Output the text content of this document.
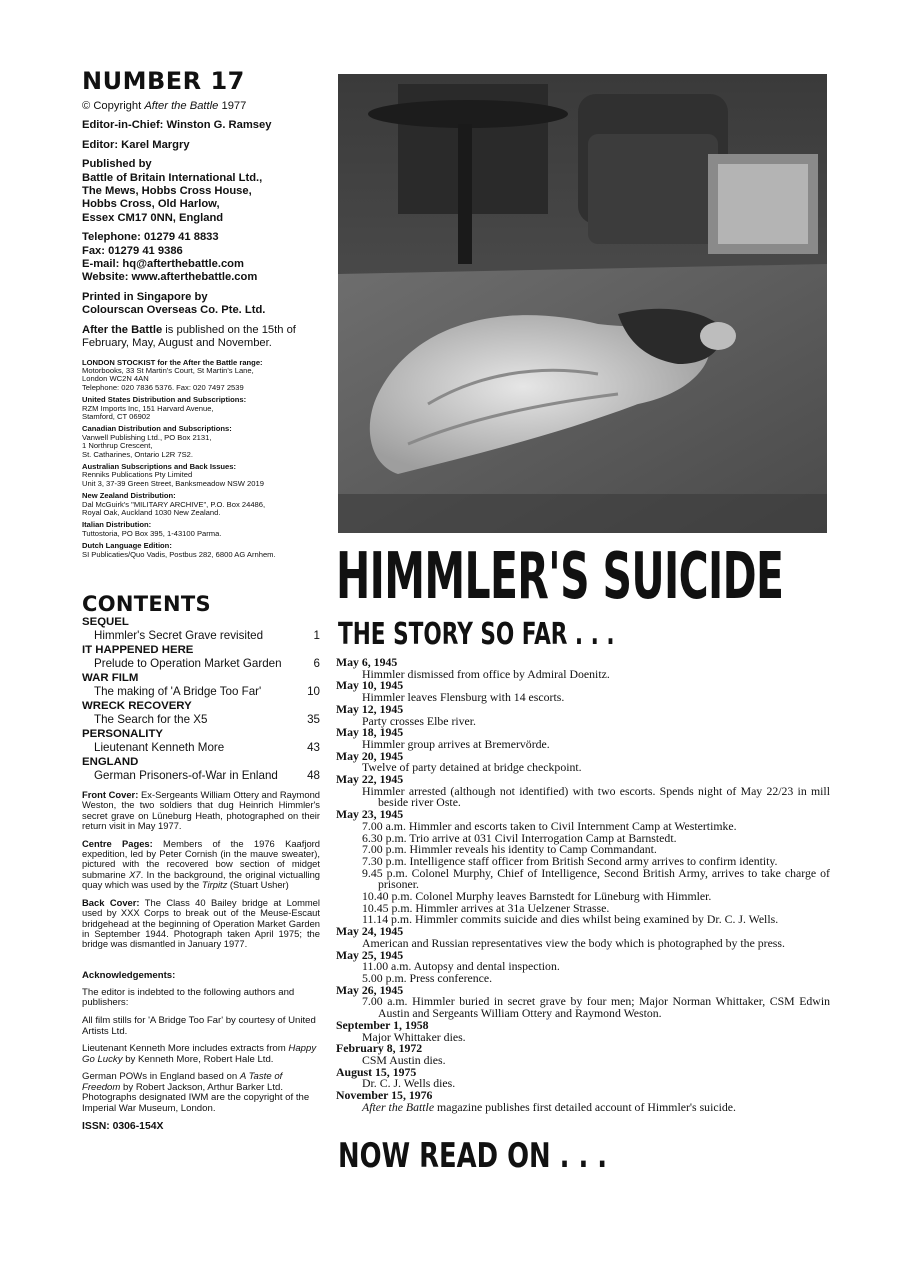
NUMBER 17
© Copyright After the Battle 1977
Editor-in-Chief: Winston G. Ramsey
Editor: Karel Margry
Published by
Battle of Britain International Ltd.,
The Mews, Hobbs Cross House,
Hobbs Cross, Old Harlow,
Essex CM17 0NN, England
Telephone: 01279 41 8833
Fax: 01279 41 9386
E-mail: hq@afterthebattle.com
Website: www.afterthebattle.com
Printed in Singapore by
Colourscan Overseas Co. Pte. Ltd.
After the Battle is published on the 15th of February, May, August and November.
LONDON STOCKIST for the After the Battle range:
Motorbooks, 33 St Martin's Court, St Martin's Lane,
London WC2N 4AN
Telephone: 020 7836 5376. Fax: 020 7497 2539
United States Distribution and Subscriptions:
RZM Imports Inc, 151 Harvard Avenue,
Stamford, CT 06902
Canadian Distribution and Subscriptions:
Vanwell Publishing Ltd., PO Box 2131,
1 Northrup Crescent,
St. Catharines, Ontario L2R 7S2.
Australian Subscriptions and Back Issues:
Renniks Publications Pty Limited
Unit 3, 37-39 Green Street, Banksmeadow NSW 2019
New Zealand Distribution:
Dal McGuirk's "MILITARY ARCHIVE", P.O. Box 24486,
Royal Oak, Auckland 1030 New Zealand.
Italian Distribution:
Tuttostoria, PO Box 395, 1-43100 Parma.
Dutch Language Edition:
SI Publicaties/Quo Vadis, Postbus 282, 6800 AG Arnhem.
CONTENTS
SEQUEL
Himmler's Secret Grave revisited	1
IT HAPPENED HERE
Prelude to Operation Market Garden	6
WAR FILM
The making of 'A Bridge Too Far'	10
WRECK RECOVERY
The Search for the X5	35
PERSONALITY
Lieutenant Kenneth More	43
ENGLAND
German Prisoners-of-War in Enland	48
Front Cover: Ex-Sergeants William Ottery and Raymond Weston, the two soldiers that dug Heinrich Himmler's secret grave on Lüneburg Heath, photographed on their return visit in May 1977.
Centre Pages: Members of the 1976 Kaafjord expedition, led by Peter Cornish (in the mauve sweater), pictured with the recovered bow section of midget submarine X7. In the background, the original victualling quay which was used by the Tirpitz (Stuart Usher)
Back Cover: The Class 40 Bailey bridge at Lommel used by XXX Corps to break out of the Meuse-Escaut bridgehead at the beginning of Operation Market Garden in September 1944. Photograph taken April 1975; the bridge was dismantled in January 1977.
Acknowledgements:
The editor is indebted to the following authors and publishers:
All film stills for 'A Bridge Too Far' by courtesy of United Artists Ltd.
Lieutenant Kenneth More includes extracts from Happy Go Lucky by Kenneth More, Robert Hale Ltd.
German POWs in England based on A Taste of Freedom by Robert Jackson, Arthur Barker Ltd.
Photographs designated IWM are the copyright of the Imperial War Museum, London.
ISSN: 0306-154X
HIMMLER'S SUICIDE
THE STORY SO FAR . . .
May 6, 1945
Himmler dismissed from office by Admiral Doenitz.
May 10, 1945
Himmler leaves Flensburg with 14 escorts.
May 12, 1945
Party crosses Elbe river.
May 18, 1945
Himmler group arrives at Bremervörde.
May 20, 1945
Twelve of party detained at bridge checkpoint.
May 22, 1945
Himmler arrested (although not identified) with two escorts. Spends night of May 22/23 in mill beside river Oste.
May 23, 1945
7.00 a.m. Himmler and escorts taken to Civil Internment Camp at Westertimke.
6.30 p.m. Trio arrive at 031 Civil Interrogation Camp at Barnstedt.
7.00 p.m. Himmler reveals his identity to Camp Commandant.
7.30 p.m. Intelligence staff officer from British Second army arrives to confirm identity.
9.45 p.m. Colonel Murphy, Chief of Intelligence, Second British Army, arrives to take charge of prisoner.
10.40 p.m. Colonel Murphy leaves Barnstedt for Lüneburg with Himmler.
10.45 p.m. Himmler arrives at 31a Uelzener Strasse.
11.14 p.m. Himmler commits suicide and dies whilst being examined by Dr. C. J. Wells.
May 24, 1945
American and Russian representatives view the body which is photographed by the press.
May 25, 1945
11.00 a.m. Autopsy and dental inspection.
5.00 p.m. Press conference.
May 26, 1945
7.00 a.m. Himmler buried in secret grave by four men; Major Norman Whittaker, CSM Edwin Austin and Sergeants William Ottery and Raymond Weston.
September 1, 1958
Major Whittaker dies.
February 8, 1972
CSM Austin dies.
August 15, 1975
Dr. C. J. Wells dies.
November 15, 1976
After the Battle magazine publishes first detailed account of Himmler's suicide.
NOW READ ON . . .
